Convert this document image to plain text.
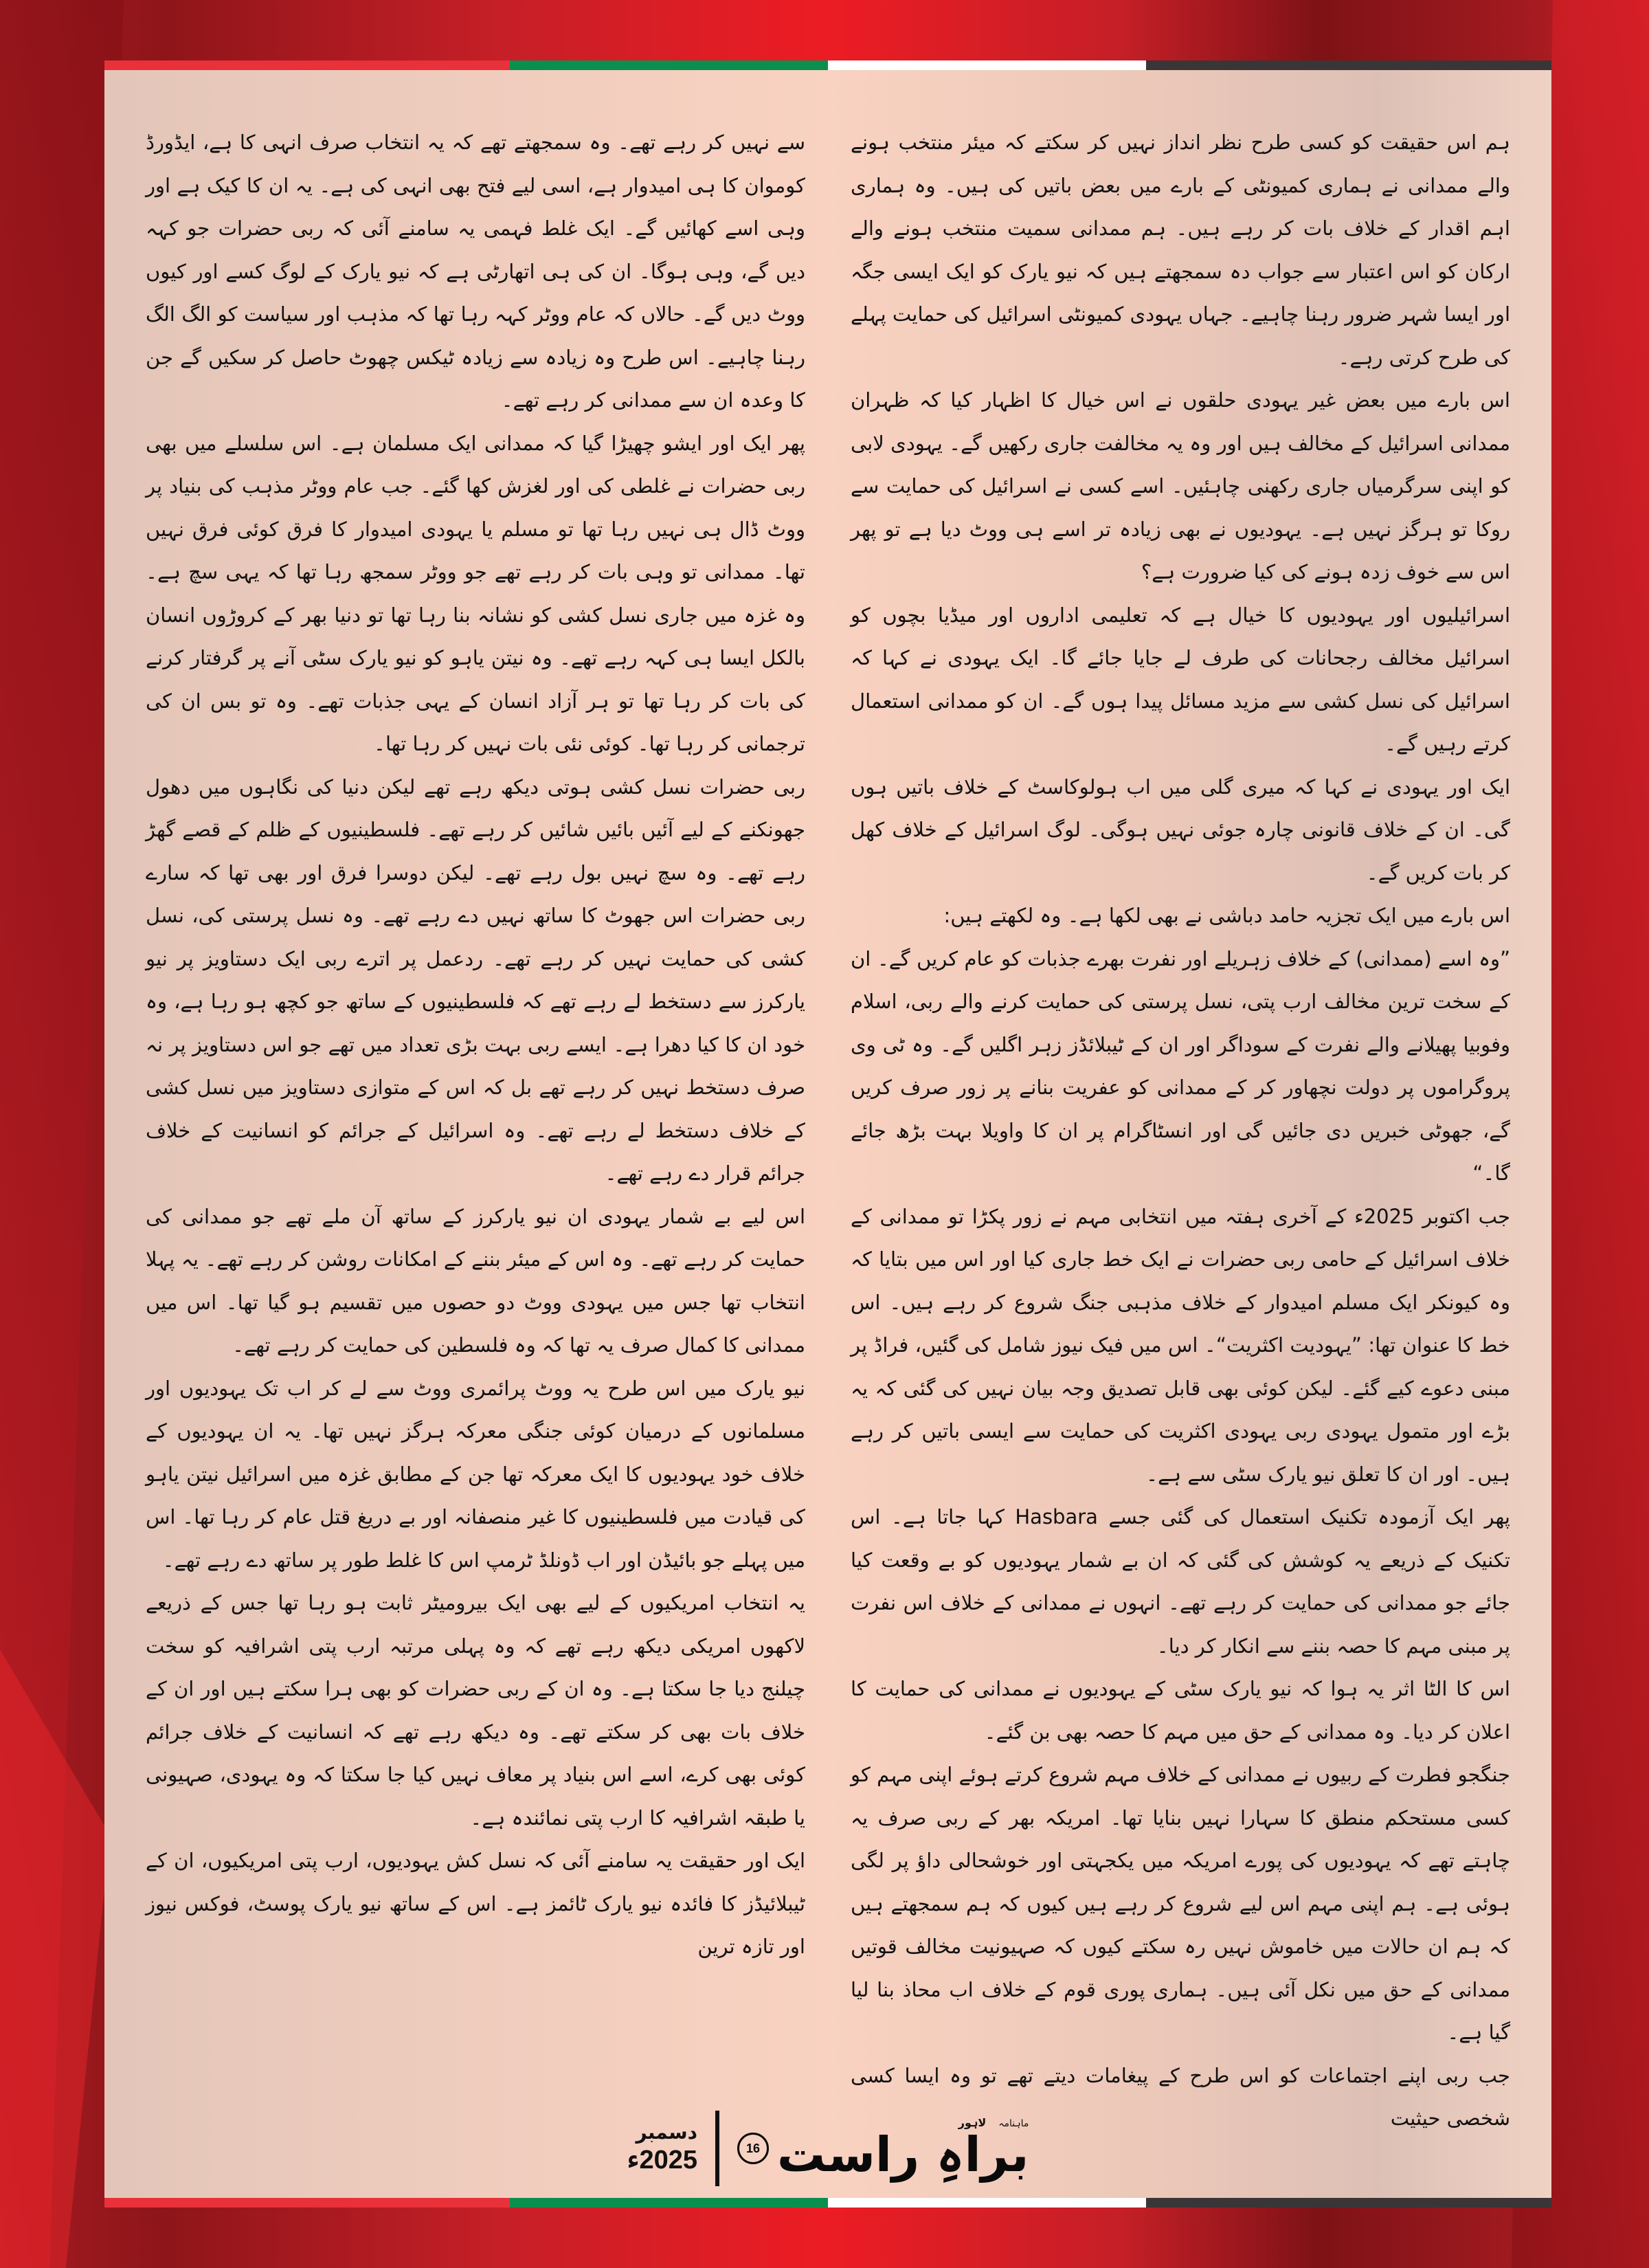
ہم اس حقیقت کو کسی طرح نظر انداز نہیں کر سکتے کہ میئر منتخب ہونے والے ممدانی نے ہماری کمیونٹی کے بارے میں بعض باتیں کی ہیں۔ وہ ہماری اہم اقدار کے خلاف بات کر رہے ہیں۔ ہم ممدانی سمیت منتخب ہونے والے ارکان کو اس اعتبار سے جواب دہ سمجھتے ہیں کہ نیو یارک کو ایک ایسی جگہ اور ایسا شہر ضرور رہنا چاہیے۔ جہاں یہودی کمیونٹی اسرائیل کی حمایت پہلے کی طرح کرتی رہے۔

اس بارے میں بعض غیر یہودی حلقوں نے اس خیال کا اظہار کیا کہ ظہران ممدانی اسرائیل کے مخالف ہیں اور وہ یہ مخالفت جاری رکھیں گے۔ یہودی لابی کو اپنی سرگرمیاں جاری رکھنی چاہئیں۔ اسے کسی نے اسرائیل کی حمایت سے روکا تو ہرگز نہیں ہے۔ یہودیوں نے بھی زیادہ تر اسے ہی ووٹ دیا ہے تو پھر اس سے خوف زدہ ہونے کی کیا ضرورت ہے؟

اسرائیلیوں اور یہودیوں کا خیال ہے کہ تعلیمی اداروں اور میڈیا بچوں کو اسرائیل مخالف رجحانات کی طرف لے جایا جائے گا۔ ایک یہودی نے کہا کہ اسرائیل کی نسل کشی سے مزید مسائل پیدا ہوں گے۔ ان کو ممدانی استعمال کرتے رہیں گے۔

ایک اور یہودی نے کہا کہ میری گلی میں اب ہولوکاسٹ کے خلاف باتیں ہوں گی۔ ان کے خلاف قانونی چارہ جوئی نہیں ہوگی۔ لوگ اسرائیل کے خلاف کھل کر بات کریں گے۔

اس بارے میں ایک تجزیہ حامد دباشی نے بھی لکھا ہے۔ وہ لکھتے ہیں:

”وہ اسے (ممدانی) کے خلاف زہریلے اور نفرت بھرے جذبات کو عام کریں گے۔ ان کے سخت ترین مخالف ارب پتی، نسل پرستی کی حمایت کرنے والے ربی، اسلام وفوبیا پھیلانے والے نفرت کے سوداگر اور ان کے ٹیبلائڈز زہر اگلیں گے۔ وہ ٹی وی پروگراموں پر دولت نچھاور کر کے ممدانی کو عفریت بنانے پر زور صرف کریں گے، جھوٹی خبریں دی جائیں گی اور انسٹاگرام پر ان کا واویلا بہت بڑھ جائے گا۔“

جب اکتوبر 2025ء کے آخری ہفتہ میں انتخابی مہم نے زور پکڑا تو ممدانی کے خلاف اسرائیل کے حامی ربی حضرات نے ایک خط جاری کیا اور اس میں بتایا کہ وہ کیونکر ایک مسلم امیدوار کے خلاف مذہبی جنگ شروع کر رہے ہیں۔ اس خط کا عنوان تھا: ”یہودیت اکثریت“۔ اس میں فیک نیوز شامل کی گئیں، فراڈ پر مبنی دعوے کیے گئے۔ لیکن کوئی بھی قابل تصدیق وجہ بیان نہیں کی گئی کہ یہ بڑے اور متمول یہودی ربی یہودی اکثریت کی حمایت سے ایسی باتیں کر رہے ہیں۔ اور ان کا تعلق نیو یارک سٹی سے ہے۔

پھر ایک آزمودہ تکنیک استعمال کی گئی جسے Hasbara کہا جاتا ہے۔ اس تکنیک کے ذریعے یہ کوشش کی گئی کہ ان بے شمار یہودیوں کو بے وقعت کیا جائے جو ممدانی کی حمایت کر رہے تھے۔ انہوں نے ممدانی کے خلاف اس نفرت پر مبنی مہم کا حصہ بننے سے انکار کر دیا۔

اس کا الٹا اثر یہ ہوا کہ نیو یارک سٹی کے یہودیوں نے ممدانی کی حمایت کا اعلان کر دیا۔ وہ ممدانی کے حق میں مہم کا حصہ بھی بن گئے۔

جنگجو فطرت کے ربیوں نے ممدانی کے خلاف مہم شروع کرتے ہوئے اپنی مہم کو کسی مستحکم منطق کا سہارا نہیں بنایا تھا۔ امریکہ بھر کے ربی صرف یہ چاہتے تھے کہ یہودیوں کی پورے امریکہ میں یکجہتی اور خوشحالی داؤ پر لگی ہوئی ہے۔ ہم اپنی مہم اس لیے شروع کر رہے ہیں کیوں کہ ہم سمجھتے ہیں کہ ہم ان حالات میں خاموش نہیں رہ سکتے کیوں کہ صہیونیت مخالف قوتیں ممدانی کے حق میں نکل آئی ہیں۔ ہماری پوری قوم کے خلاف اب محاذ بنا لیا گیا ہے۔

جب ربی اپنے اجتماعات کو اس طرح کے پیغامات دیتے تھے تو وہ ایسا کسی شخصی حیثیت

سے نہیں کر رہے تھے۔ وہ سمجھتے تھے کہ یہ انتخاب صرف انہی کا ہے، ایڈورڈ کوموان کا ہی امیدوار ہے، اسی لیے فتح بھی انہی کی ہے۔ یہ ان کا کیک ہے اور وہی اسے کھائیں گے۔ ایک غلط فہمی یہ سامنے آئی کہ ربی حضرات جو کہہ دیں گے، وہی ہوگا۔ ان کی ہی اتھارٹی ہے کہ نیو یارک کے لوگ کسے اور کیوں ووٹ دیں گے۔ حالاں کہ عام ووٹر کہہ رہا تھا کہ مذہب اور سیاست کو الگ الگ رہنا چاہیے۔ اس طرح وہ زیادہ سے زیادہ ٹیکس چھوٹ حاصل کر سکیں گے جن کا وعدہ ان سے ممدانی کر رہے تھے۔

پھر ایک اور ایشو چھیڑا گیا کہ ممدانی ایک مسلمان ہے۔ اس سلسلے میں بھی ربی حضرات نے غلطی کی اور لغزش کھا گئے۔ جب عام ووٹر مذہب کی بنیاد پر ووٹ ڈال ہی نہیں رہا تھا تو مسلم یا یہودی امیدوار کا فرق کوئی فرق نہیں تھا۔ ممدانی تو وہی بات کر رہے تھے جو ووٹر سمجھ رہا تھا کہ یہی سچ ہے۔ وہ غزہ میں جاری نسل کشی کو نشانہ بنا رہا تھا تو دنیا بھر کے کروڑوں انسان بالکل ایسا ہی کہہ رہے تھے۔ وہ نیتن یاہو کو نیو یارک سٹی آنے پر گرفتار کرنے کی بات کر رہا تھا تو ہر آزاد انسان کے یہی جذبات تھے۔ وہ تو بس ان کی ترجمانی کر رہا تھا۔ کوئی نئی بات نہیں کر رہا تھا۔

ربی حضرات نسل کشی ہوتی دیکھ رہے تھے لیکن دنیا کی نگاہوں میں دھول جھونکنے کے لیے آئیں بائیں شائیں کر رہے تھے۔ فلسطینیوں کے ظلم کے قصے گھڑ رہے تھے۔ وہ سچ نہیں بول رہے تھے۔ لیکن دوسرا فرق اور بھی تھا کہ سارے ربی حضرات اس جھوٹ کا ساتھ نہیں دے رہے تھے۔ وہ نسل پرستی کی، نسل کشی کی حمایت نہیں کر رہے تھے۔ ردعمل پر اترے ربی ایک دستاویز پر نیو یارکرز سے دستخط لے رہے تھے کہ فلسطینیوں کے ساتھ جو کچھ ہو رہا ہے، وہ خود ان کا کیا دھرا ہے۔ ایسے ربی بہت بڑی تعداد میں تھے جو اس دستاویز پر نہ صرف دستخط نہیں کر رہے تھے بل کہ اس کے متوازی دستاویز میں نسل کشی کے خلاف دستخط لے رہے تھے۔ وہ اسرائیل کے جرائم کو انسانیت کے خلاف جرائم قرار دے رہے تھے۔

اس لیے بے شمار یہودی ان نیو یارکرز کے ساتھ آن ملے تھے جو ممدانی کی حمایت کر رہے تھے۔ وہ اس کے میئر بننے کے امکانات روشن کر رہے تھے۔ یہ پہلا انتخاب تھا جس میں یہودی ووٹ دو حصوں میں تقسیم ہو گیا تھا۔ اس میں ممدانی کا کمال صرف یہ تھا کہ وہ فلسطین کی حمایت کر رہے تھے۔

نیو یارک میں اس طرح یہ ووٹ پرائمری ووٹ سے لے کر اب تک یہودیوں اور مسلمانوں کے درمیان کوئی جنگی معرکہ ہرگز نہیں تھا۔ یہ ان یہودیوں کے خلاف خود یہودیوں کا ایک معرکہ تھا جن کے مطابق غزہ میں اسرائیل نیتن یاہو کی قیادت میں فلسطینیوں کا غیر منصفانہ اور بے دریغ قتل عام کر رہا تھا۔ اس میں پہلے جو بائیڈن اور اب ڈونلڈ ٹرمپ اس کا غلط طور پر ساتھ دے رہے تھے۔

یہ انتخاب امریکیوں کے لیے بھی ایک بیرومیٹر ثابت ہو رہا تھا جس کے ذریعے لاکھوں امریکی دیکھ رہے تھے کہ وہ پہلی مرتبہ ارب پتی اشرافیہ کو سخت چیلنج دیا جا سکتا ہے۔ وہ ان کے ربی حضرات کو بھی ہرا سکتے ہیں اور ان کے خلاف بات بھی کر سکتے تھے۔ وہ دیکھ رہے تھے کہ انسانیت کے خلاف جرائم کوئی بھی کرے، اسے اس بنیاد پر معاف نہیں کیا جا سکتا کہ وہ یہودی، صہیونی یا طبقہ اشرافیہ کا ارب پتی نمائندہ ہے۔

ایک اور حقیقت یہ سامنے آئی کہ نسل کش یہودیوں، ارب پتی امریکیوں، ان کے ٹیبلائیڈز کا فائدہ نیو یارک ٹائمز ہے۔ اس کے ساتھ نیو یارک پوسٹ، فوکس نیوز اور تازہ ترین

دسمبر
2025ء	16
ماہنامہ
لاہور
براہِ راست
